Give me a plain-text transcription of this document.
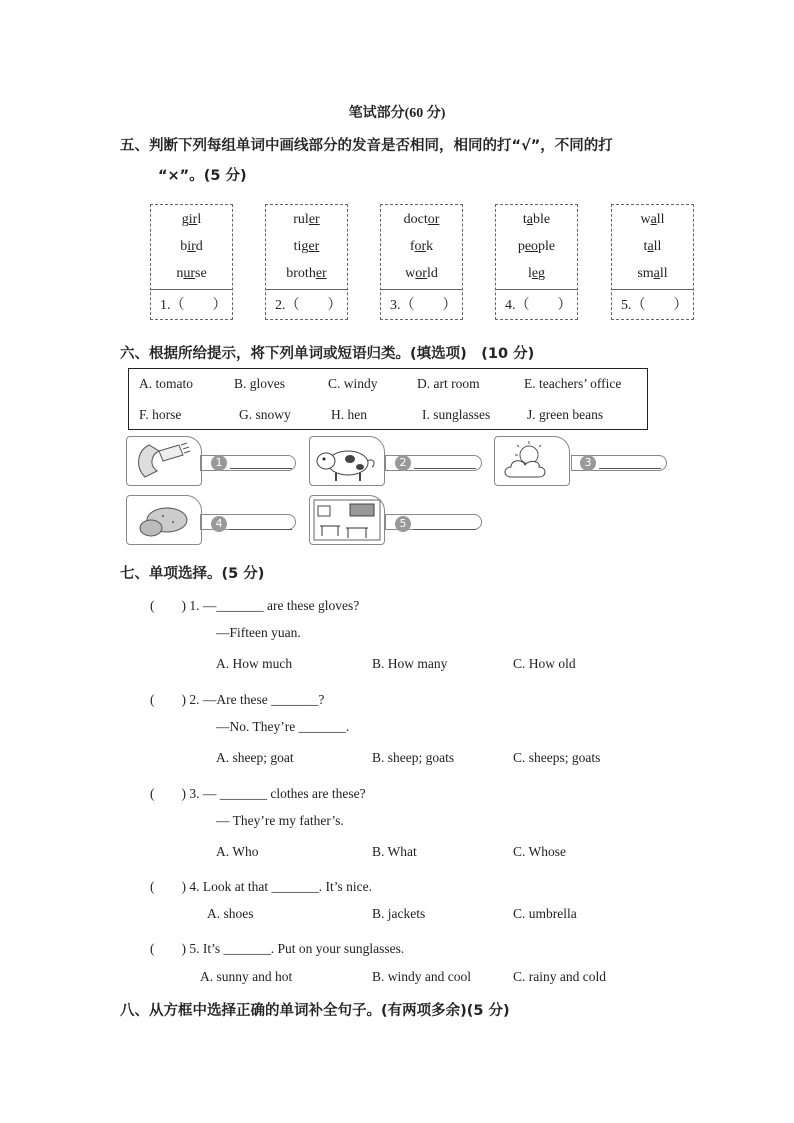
笔试部分(60 分)
五、判断下列每组单词中画线部分的发音是否相同，相同的打“√”，不同的打
“×”。(5 分)
girl
bird
nurse
1.（　　）
ruler
tiger
brother
2.（　　）
doctor
fork
world
3.（　　）
table
people
leg
4.（　　）
wall
tall
small
5.（　　）
六、根据所给提示，将下列单词或短语归类。(填选项)　(10 分)
A. tomato	B. gloves	C. windy	D. art room	E. teachers’ office
F. horse	G. snowy	H. hen	I. sunglasses	J. green beans
1	2	3
4	5
七、单项选择。(5 分)
(　　) 1. —_______ are these gloves?
—Fifteen yuan.
A. How much	B. How many	C. How old
(　　) 2. —Are these _______?
—No. They’re _______.
A. sheep; goat	B. sheep; goats	C. sheeps; goats
(　　) 3. — _______ clothes are these?
— They’re my father’s.
A. Who	B. What	C. Whose
(　　) 4. Look at that _______. It’s nice.
A. shoes	B. jackets	C. umbrella
(　　) 5. It’s _______. Put on your sunglasses.
A. sunny and hot	B. windy and cool	C. rainy and cold
八、从方框中选择正确的单词补全句子。(有两项多余)(5 分)
